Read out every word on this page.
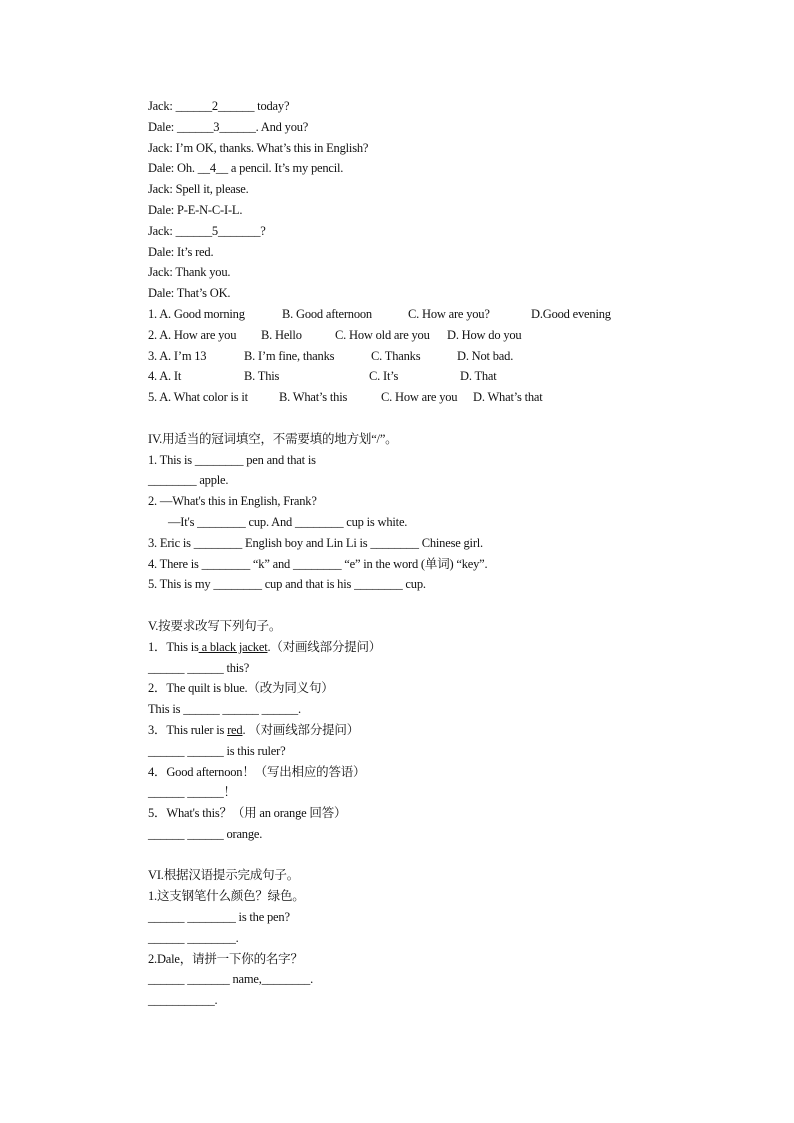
Jack: ______2______ today?
Dale: ______3______. And you?
Jack: I’m OK, thanks. What’s this in English?
Dale: Oh. __4__ a pencil. It’s my pencil.
Jack: Spell it, please.
Dale: P-E-N-C-I-L.
Jack: ______5_______?
Dale: It’s red.
Jack: Thank you.
Dale: That’s OK.
1. A. Good morning	B. Good afternoon	C. How are you?	D.Good evening
2. A. How are you B. Hello	C. How old are you D. How do you
3. A. I’m 13	B. I’m fine, thanks	C. Thanks	D. Not bad.
4. A. It	B. This	C. It’s	D. That
5. A. What color is it B. What’s this	C. How are you D. What’s that
IV.用适当的冠词填空，不需要填的地方划“/”。
1. This is ________ pen and that is
________ apple.
2. —What's this in English, Frank?
—It's ________ cup. And ________ cup is white.
3. Eric is ________ English boy and Lin Li is ________ Chinese girl.
4. There is ________ “k” and ________ “e” in the word (单词) “key”.
5. This is my ________ cup and that is his ________ cup.
V.按要求改写下列句子。
1．This is a black jacket.（对画线部分提问）
______ ______ this?
2．The quilt is blue.（改为同义句）
This is ______ ______ ______.
3．This ruler is red. （对画线部分提问）
______ ______ is this ruler?
4．Good afternoon！（写出相应的答语）
______ ______！
5．What's this？（用 an orange 回答）
______ ______ orange.
VI.根据汉语提示完成句子。
1.这支钢笔什么颜色？绿色。
______ ________ is the pen?
______ ________.
2.Dale，请拼一下你的名字？
______ _______ name,________.
___________.
